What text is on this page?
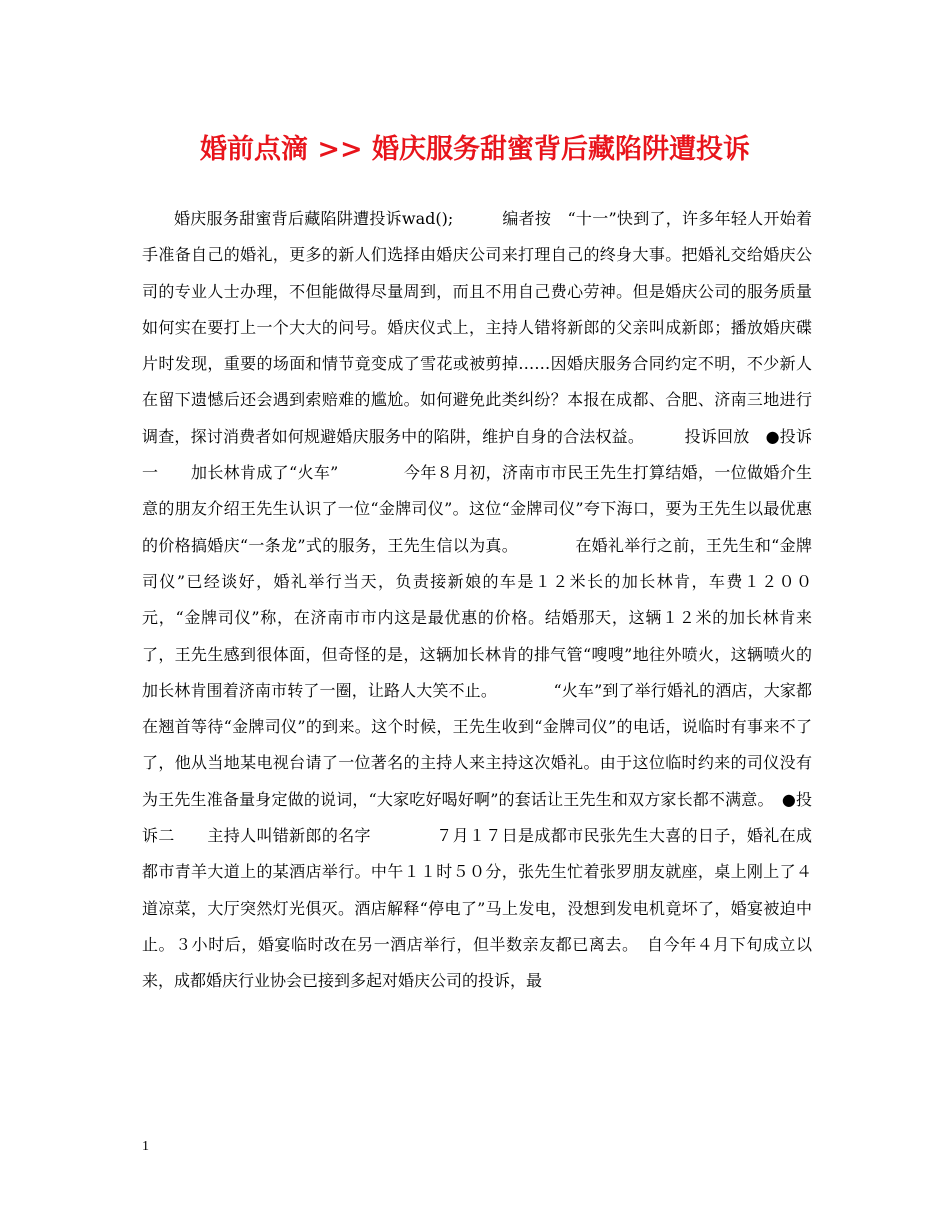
婚前点滴 >> 婚庆服务甜蜜背后藏陷阱遭投诉

婚庆服务甜蜜背后藏陷阱遭投诉wad();　　　编者按　“十一”快到了，许多年轻人开始着手准备自己的婚礼，更多的新人们选择由婚庆公司来打理自己的终身大事。把婚礼交给婚庆公司的专业人士办理，不但能做得尽量周到，而且不用自己费心劳神。但是婚庆公司的服务质量如何实在要打上一个大大的问号。婚庆仪式上，主持人错将新郎的父亲叫成新郎；播放婚庆碟片时发现，重要的场面和情节竟变成了雪花或被剪掉……因婚庆服务合同约定不明，不少新人在留下遗憾后还会遇到索赔难的尴尬。如何避免此类纠纷？本报在成都、合肥、济南三地进行调查，探讨消费者如何规避婚庆服务中的陷阱，维护自身的合法权益。　　　投诉回放　●投诉一　　加长林肯成了“火车”　　　　今年８月初，济南市市民王先生打算结婚，一位做婚介生意的朋友介绍王先生认识了一位“金牌司仪”。这位“金牌司仪”夸下海口，要为王先生以最优惠的价格搞婚庆“一条龙”式的服务，王先生信以为真。　　　　在婚礼举行之前，王先生和“金牌司仪”已经谈好，婚礼举行当天，负责接新娘的车是１２米长的加长林肯，车费１２００元，“金牌司仪”称，在济南市市内这是最优惠的价格。结婚那天，这辆１２米的加长林肯来了，王先生感到很体面，但奇怪的是，这辆加长林肯的排气管“嗖嗖”地往外喷火，这辆喷火的加长林肯围着济南市转了一圈，让路人大笑不止。　　　　“火车”到了举行婚礼的酒店，大家都在翘首等待“金牌司仪”的到来。这个时候，王先生收到“金牌司仪”的电话，说临时有事来不了了，他从当地某电视台请了一位著名的主持人来主持这次婚礼。由于这位临时约来的司仪没有为王先生准备量身定做的说词，“大家吃好喝好啊”的套话让王先生和双方家长都不满意。　●投诉二　　主持人叫错新郎的名字　　　　７月１７日是成都市民张先生大喜的日子，婚礼在成都市青羊大道上的某酒店举行。中午１１时５０分，张先生忙着张罗朋友就座，桌上刚上了４道凉菜，大厅突然灯光俱灭。酒店解释“停电了”马上发电，没想到发电机竟坏了，婚宴被迫中止。３小时后，婚宴临时改在另一酒店举行，但半数亲友都已离去。　自今年４月下旬成立以来，成都婚庆行业协会已接到多起对婚庆公司的投诉，最

1
